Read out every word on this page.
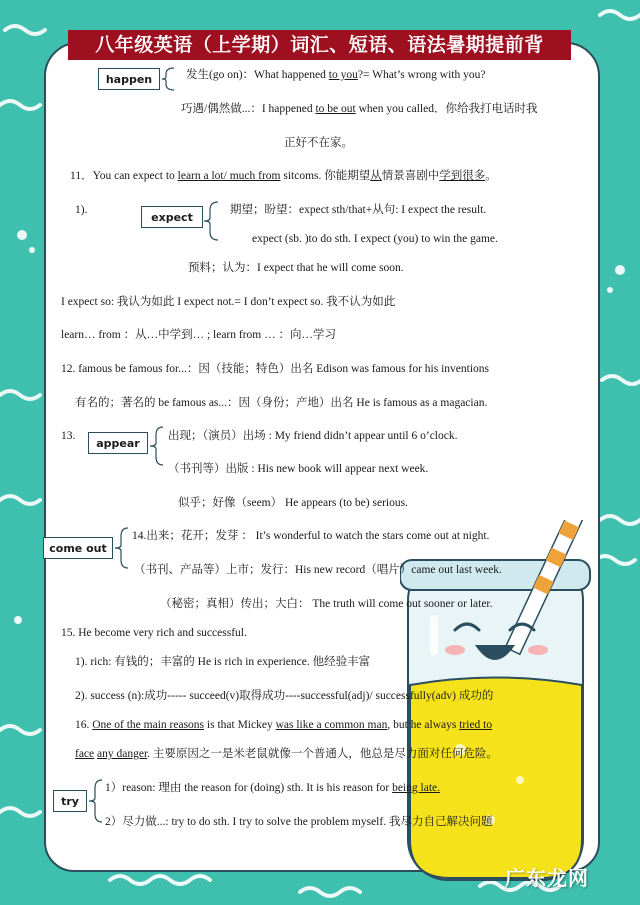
八年级英语（上学期）词汇、短语、语法暑期提前背
happen
expect
appear
come out
try
发生(go on)：What happened to you?= What’s wrong with you?
巧遇/偶然做...：I happened to be out when you called．你给我打电话时我
正好不在家。
11．You can expect to learn a lot/ much from sitcoms. 你能期望从情景喜剧中学到很多。
1).	期望；盼望：expect sth/that+从句: I expect the result.
expect (sb. )to do sth. I expect (you) to win the game.
预料；认为：I expect that he will come soon.
I expect so: 我认为如此 I expect not.= I don’t expect so. 我不认为如此
learn… from ：从…中学到… ; learn from … ：向…学习
12. famous be famous for...：因（技能；特色）出名 Edison was famous for his inventions
有名的；著名的 be famous as...：因（身份；产地）出名 He is famous as a magacian.
13.	出现；（演员）出场 : My friend didn’t appear until 6 o’clock.
（书刊等）出版 : His new book will appear next week.
似乎；好像（seem） He appears (to be) serious.
14.出来；花开；发芽 ： It’s wonderful to watch the stars come out at night.
（书刊、产品等）上市；发行：His new record（唱片）came out last week.
（秘密；真相）传出；大白： The truth will come out sooner or later.
15. He become very rich and successful.
1). rich: 有钱的；丰富的 He is rich in experience. 他经验丰富
2). success (n):成功----- succeed(v)取得成功----successful(adj)/ successfully(adv) 成功的
16. One of the main reasons is that Mickey was like a common man, but he always tried to
face any danger. 主要原因之一是米老鼠就像一个普通人，他总是尽力面对任何危险。
1）reason: 理由 the reason for (doing) sth. It is his reason for being late.
2）尽力做...: try to do sth. I try to solve the problem myself. 我尽力自己解决问题
广东龙网
